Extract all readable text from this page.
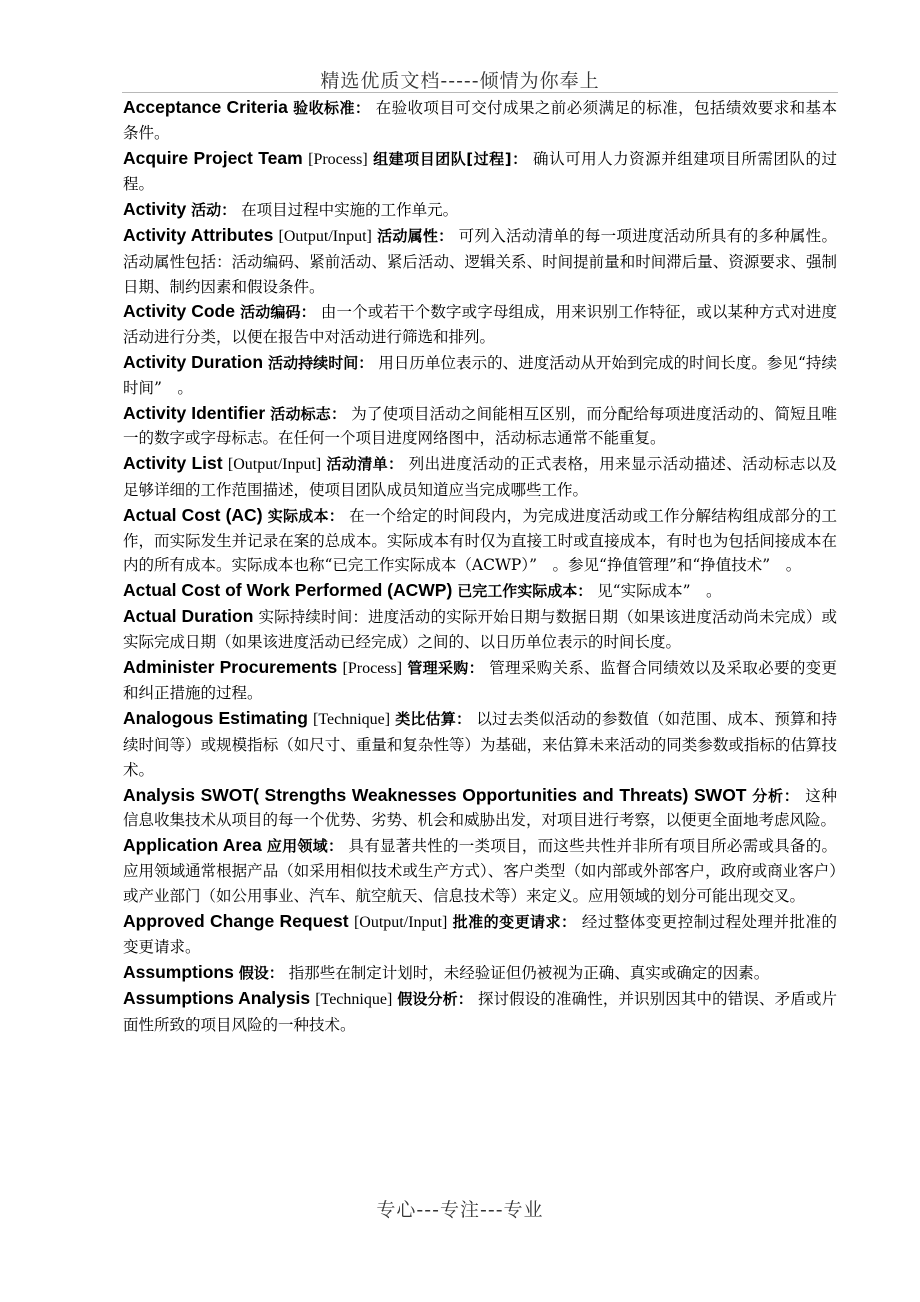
精选优质文档-----倾情为你奉上
Acceptance Criteria 验收标准： 在验收项目可交付成果之前必须满足的标准，包括绩效要求和基本条件。
Acquire Project Team [Process] 组建项目团队[过程]： 确认可用人力资源并组建项目所需团队的过程。
Activity 活动： 在项目过程中实施的工作单元。
Activity Attributes [Output/Input] 活动属性： 可列入活动清单的每一项进度活动所具有的多种属性。活动属性包括：活动编码、紧前活动、紧后活动、逻辑关系、时间提前量和时间滞后量、资源要求、强制日期、制约因素和假设条件。
Activity Code 活动编码： 由一个或若干个数字或字母组成，用来识别工作特征，或以某种方式对进度活动进行分类，以便在报告中对活动进行筛选和排列。
Activity Duration 活动持续时间： 用日历单位表示的、进度活动从开始到完成的时间长度。参见“持续时间”　。
Activity Identifier 活动标志： 为了使项目活动之间能相互区别，而分配给每项进度活动的、简短且唯一的数字或字母标志。在任何一个项目进度网络图中，活动标志通常不能重复。
Activity List [Output/Input] 活动清单： 列出进度活动的正式表格，用来显示活动描述、活动标志以及足够详细的工作范围描述，使项目团队成员知道应当完成哪些工作。
Actual Cost (AC) 实际成本： 在一个给定的时间段内，为完成进度活动或工作分解结构组成部分的工作，而实际发生并记录在案的总成本。实际成本有时仅为直接工时或直接成本，有时也为包括间接成本在内的所有成本。实际成本也称“已完工作实际成本（ACWP）”　。参见“挣值管理”和“挣值技术”　。
Actual Cost of Work Performed (ACWP) 已完工作实际成本： 见“实际成本”　。
Actual Duration 实际持续时间：进度活动的实际开始日期与数据日期（如果该进度活动尚未完成）或实际完成日期（如果该进度活动已经完成）之间的、以日历单位表示的时间长度。
Administer Procurements [Process] 管理采购： 管理采购关系、监督合同绩效以及采取必要的变更和纠正措施的过程。
Analogous Estimating [Technique] 类比估算： 以过去类似活动的参数值（如范围、成本、预算和持续时间等）或规模指标（如尺寸、重量和复杂性等）为基础，来估算未来活动的同类参数或指标的估算技术。
Analysis SWOT( Strengths Weaknesses Opportunities and Threats) SWOT 分析： 这种信息收集技术从项目的每一个优势、劣势、机会和威胁出发，对项目进行考察，以便更全面地考虑风险。
Application Area 应用领域： 具有显著共性的一类项目，而这些共性并非所有项目所必需或具备的。应用领域通常根据产品（如采用相似技术或生产方式）、客户类型（如内部或外部客户，政府或商业客户）或产业部门（如公用事业、汽车、航空航天、信息技术等）来定义。应用领域的划分可能出现交叉。
Approved Change Request [Output/Input] 批准的变更请求： 经过整体变更控制过程处理并批准的变更请求。
Assumptions 假设： 指那些在制定计划时，未经验证但仍被视为正确、真实或确定的因素。
Assumptions Analysis [Technique] 假设分析： 探讨假设的准确性，并识别因其中的错误、矛盾或片面性所致的项目风险的一种技术。
专心---专注---专业
